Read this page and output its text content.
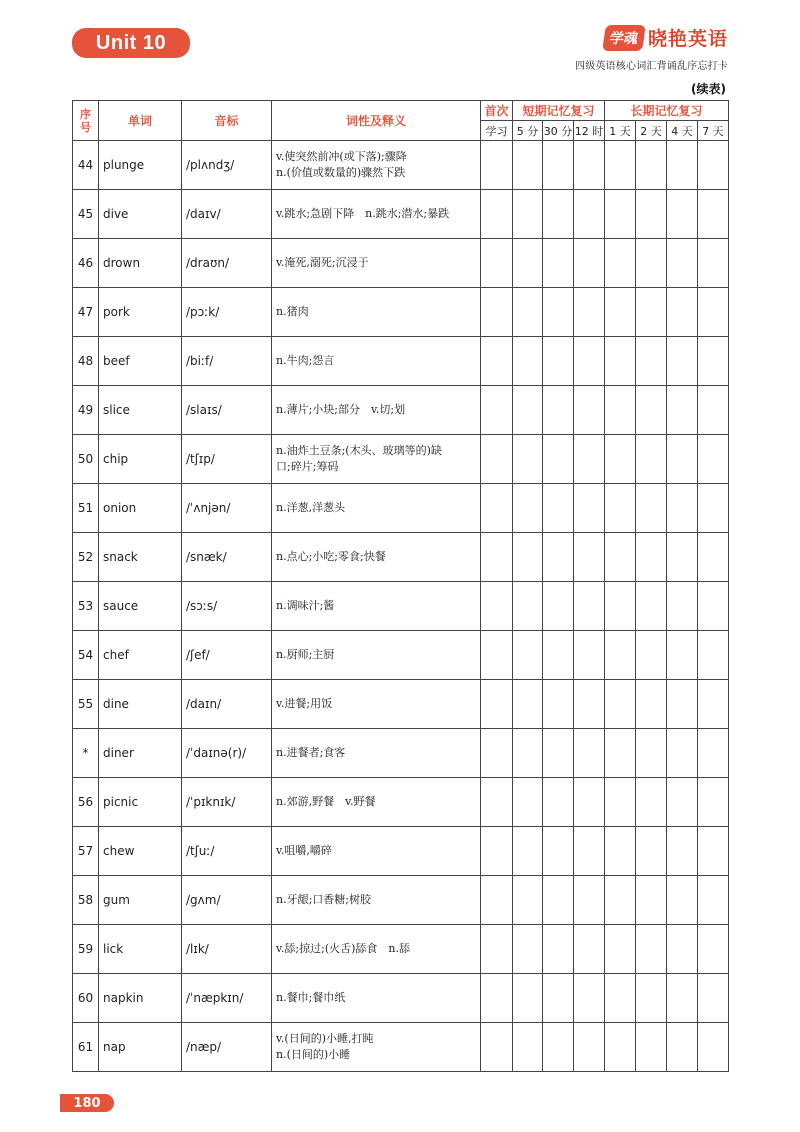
Unit 10	学魂 晓艳英语
四级英语核心词汇背诵乱序忘打卡
(续表)
序号	单词	音标	词性及释义	首次	短期记忆复习			长期记忆复习			
				学习	5 分	30 分	12 时	1 天	2 天	4 天	7 天
44	plunge	/plʌndʒ/	v.使突然前冲(或下落);骤降
n.(价值或数量的)骤然下跌								

45	dive	/daɪv/	v.跳水;急剧下降　n.跳水;潜水;暴跌								

46	drown	/draʊn/	v.淹死,溺死;沉浸于								

47	pork	/pɔːk/	n.猪肉								

48	beef	/biːf/	n.牛肉;怨言								

49	slice	/slaɪs/	n.薄片;小块;部分　v.切;划								

50	chip	/tʃɪp/	n.油炸土豆条;(木头、玻璃等的)缺
口;碎片;筹码								

51	onion	/ˈʌnjən/	n.洋葱,洋葱头								

52	snack	/snæk/	n.点心;小吃;零食;快餐								

53	sauce	/sɔːs/	n.调味汁;酱								

54	chef	/ʃef/	n.厨师;主厨								

55	dine	/daɪn/	v.进餐;用饭								

*	diner	/ˈdaɪnə(r)/	n.进餐者;食客								

56	picnic	/ˈpɪknɪk/	n.郊游,野餐　v.野餐								

57	chew	/tʃuː/	v.咀嚼,嚼碎								

58	gum	/gʌm/	n.牙龈;口香糖;树胶								

59	lick	/lɪk/	v.舔;掠过;(火舌)舔食　n.舔								

60	napkin	/ˈnæpkɪn/	n.餐巾;餐巾纸								

61	nap	/næp/	v.(日间的)小睡,打盹
n.(日间的)小睡								

180
